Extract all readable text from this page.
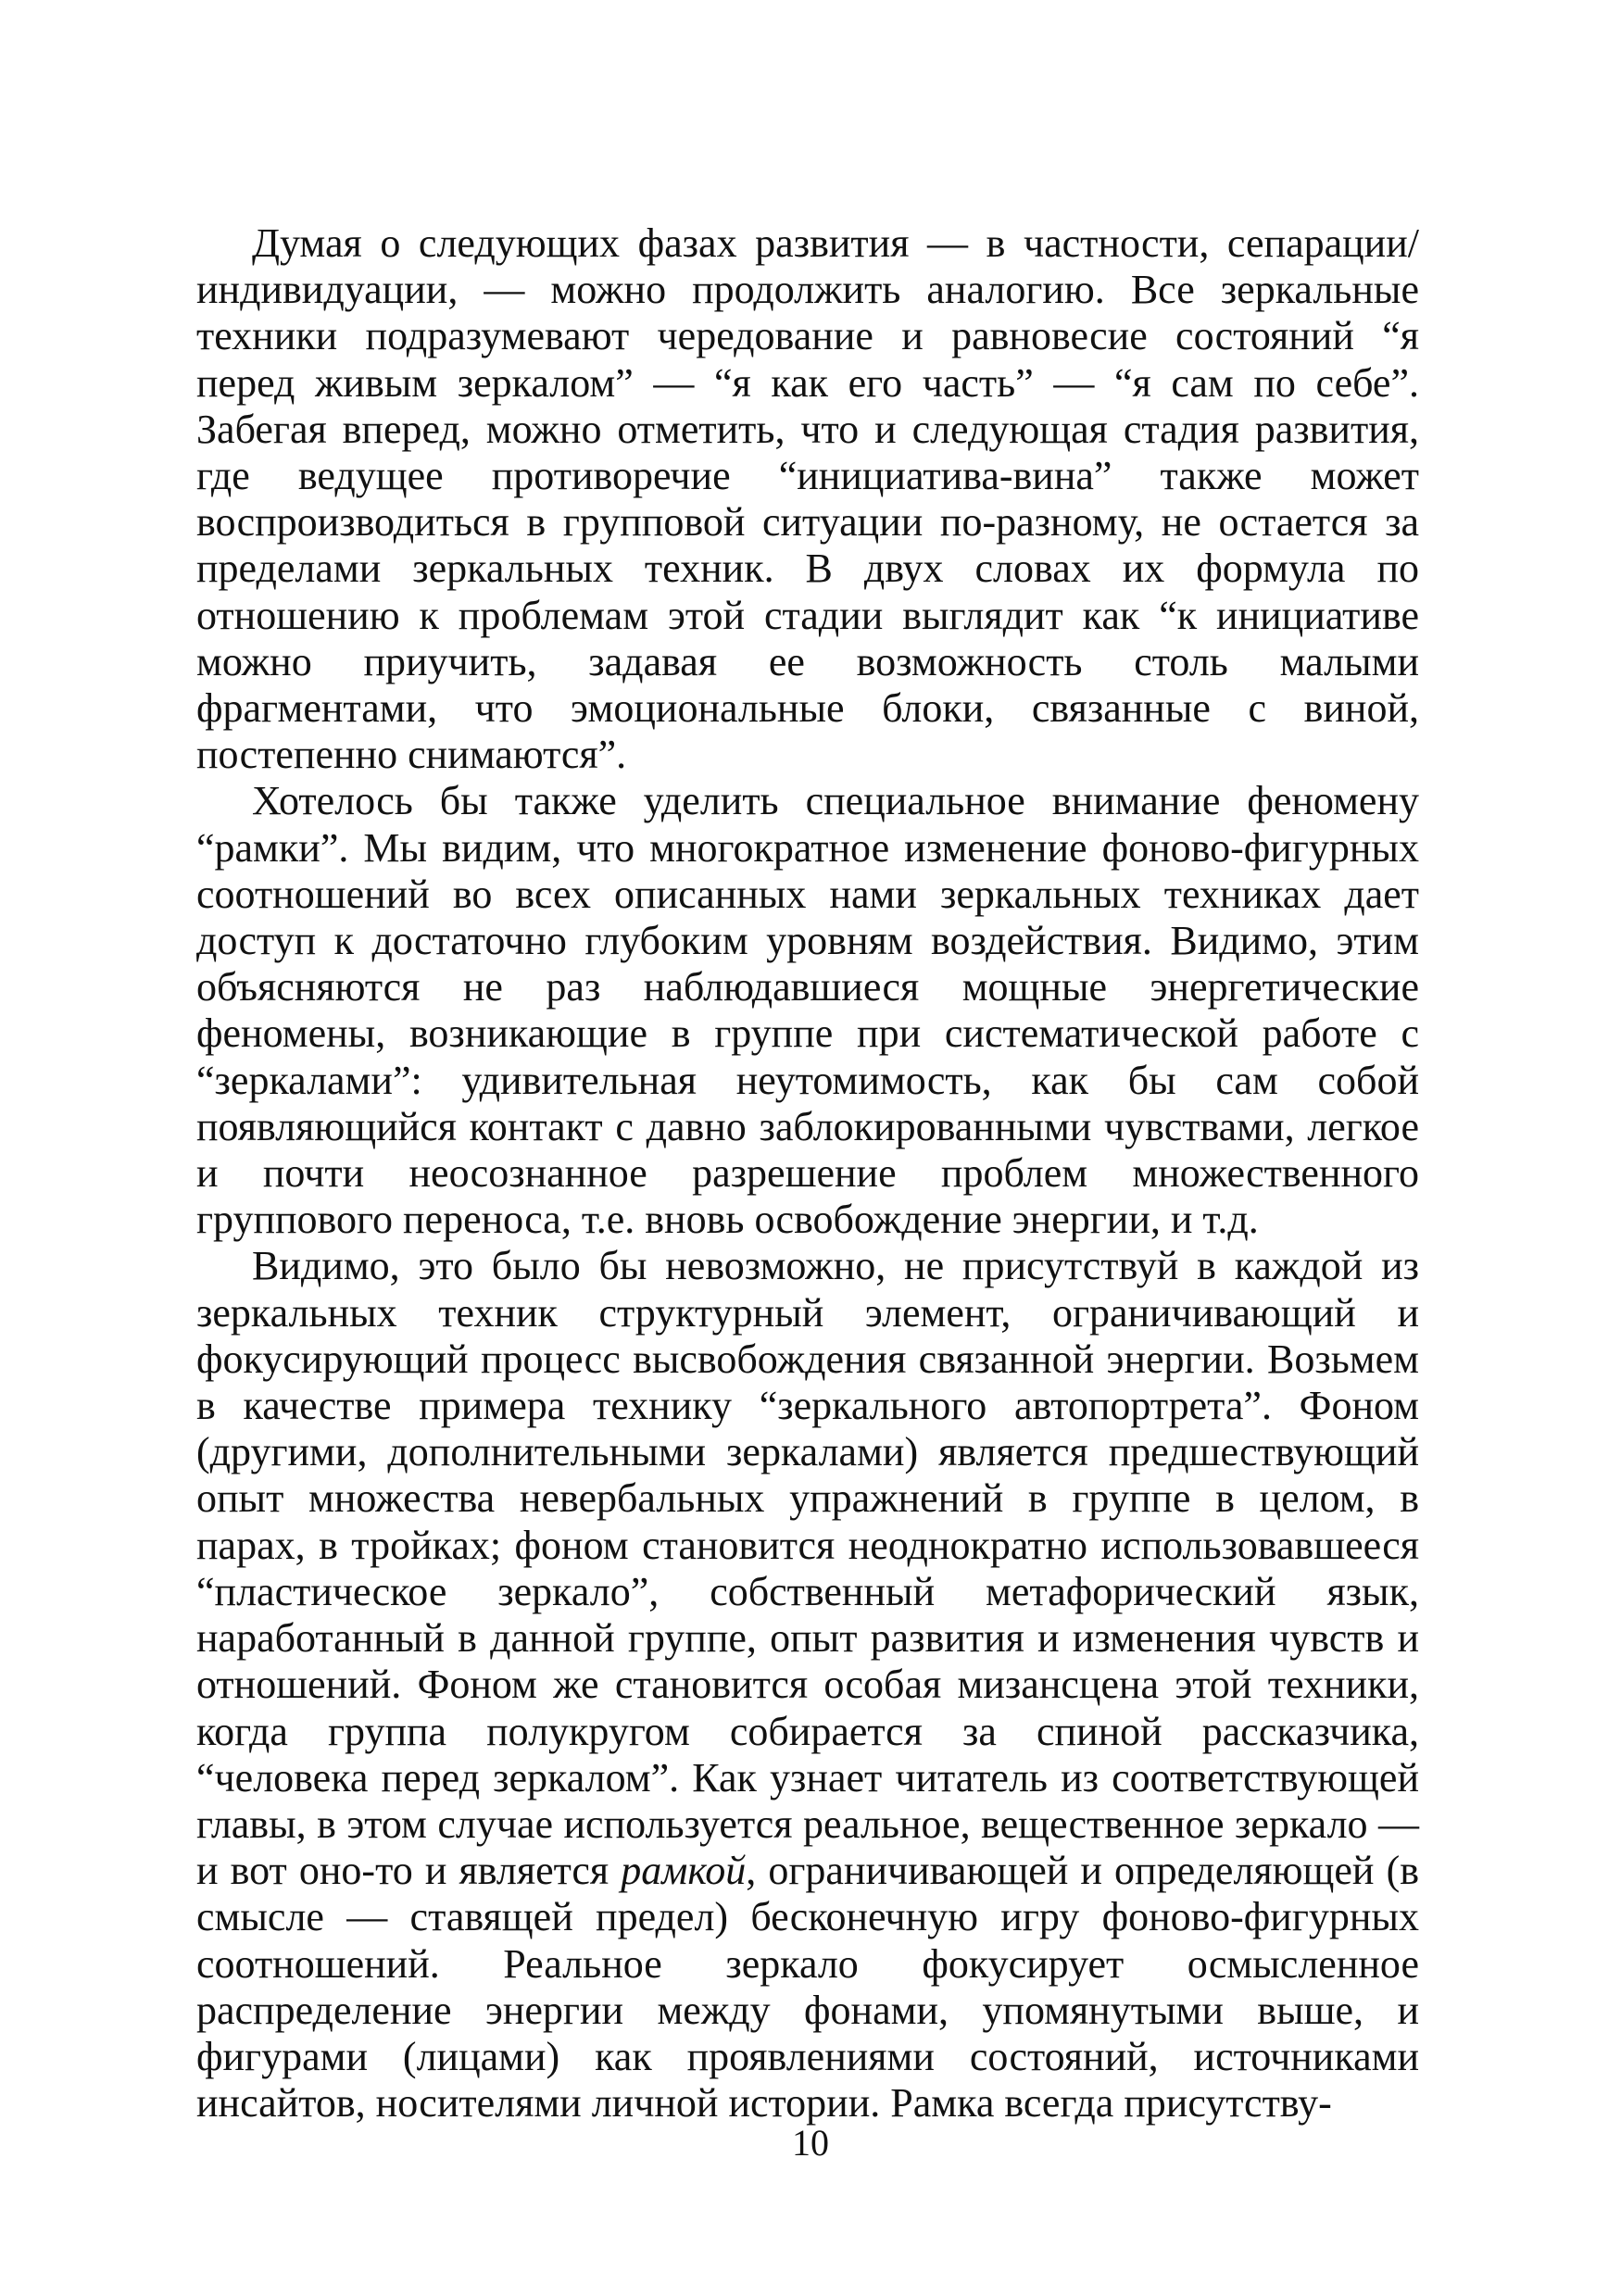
Думая о следующих фазах развития — в частности, сепарации/ индивидуации, — можно продолжить аналогию. Все зеркальные техники подразумевают чередование и равновесие состояний “я перед живым зеркалом” — “я как его часть” — “я сам по себе”. Забегая вперед, можно отметить, что и следующая стадия развития, где ведущее противоречие “инициатива-вина” также может воспроизводиться в групповой ситуации по-разному, не остается за пределами зеркальных техник. В двух словах их формула по отношению к проблемам этой стадии выглядит как “к инициативе можно приучить, задавая ее возможность столь малыми фрагментами, что эмоциональные блоки, связанные с виной, постепенно снимаются”.

Хотелось бы также уделить специальное внимание феномену “рамки”. Мы видим, что многократное изменение фоново-фигурных соотношений во всех описанных нами зеркальных техниках дает доступ к достаточно глубоким уровням воздействия. Видимо, этим объясняются не раз наблюдавшиеся мощные энергетические феномены, возникающие в группе при систематической работе с “зеркалами”: удивительная неутомимость, как бы сам собой появляющийся контакт с давно заблокированными чувствами, легкое и почти неосознанное разрешение проблем множественного группового переноса, т.е. вновь освобождение энергии, и т.д.

Видимо, это было бы невозможно, не присутствуй в каждой из зеркальных техник структурный элемент, ограничивающий и фокусирующий процесс высвобождения связанной энергии. Возьмем в качестве примера технику “зеркального автопортрета”. Фоном (другими, дополнительными зеркалами) является предшествующий опыт множества невербальных упражнений в группе в целом, в парах, в тройках; фоном становится неоднократно использовавшееся “пластическое зеркало”, собственный метафорический язык, наработанный в данной группе, опыт развития и изменения чувств и отношений. Фоном же становится особая мизансцена этой техники, когда группа полукругом собирается за спиной рассказчика, “человека перед зеркалом”. Как узнает читатель из соответствующей главы, в этом случае используется реальное, вещественное зеркало — и вот оно-то и является рамкой, ограничивающей и определяющей (в смысле — ставящей предел) бесконечную игру фоново-фигурных соотношений. Реальное зеркало фокусирует осмысленное распределение энергии между фонами, упомянутыми выше, и фигурами (лицами) как проявлениями состояний, источниками инсайтов, носителями личной истории. Рамка всегда присутству-

10
